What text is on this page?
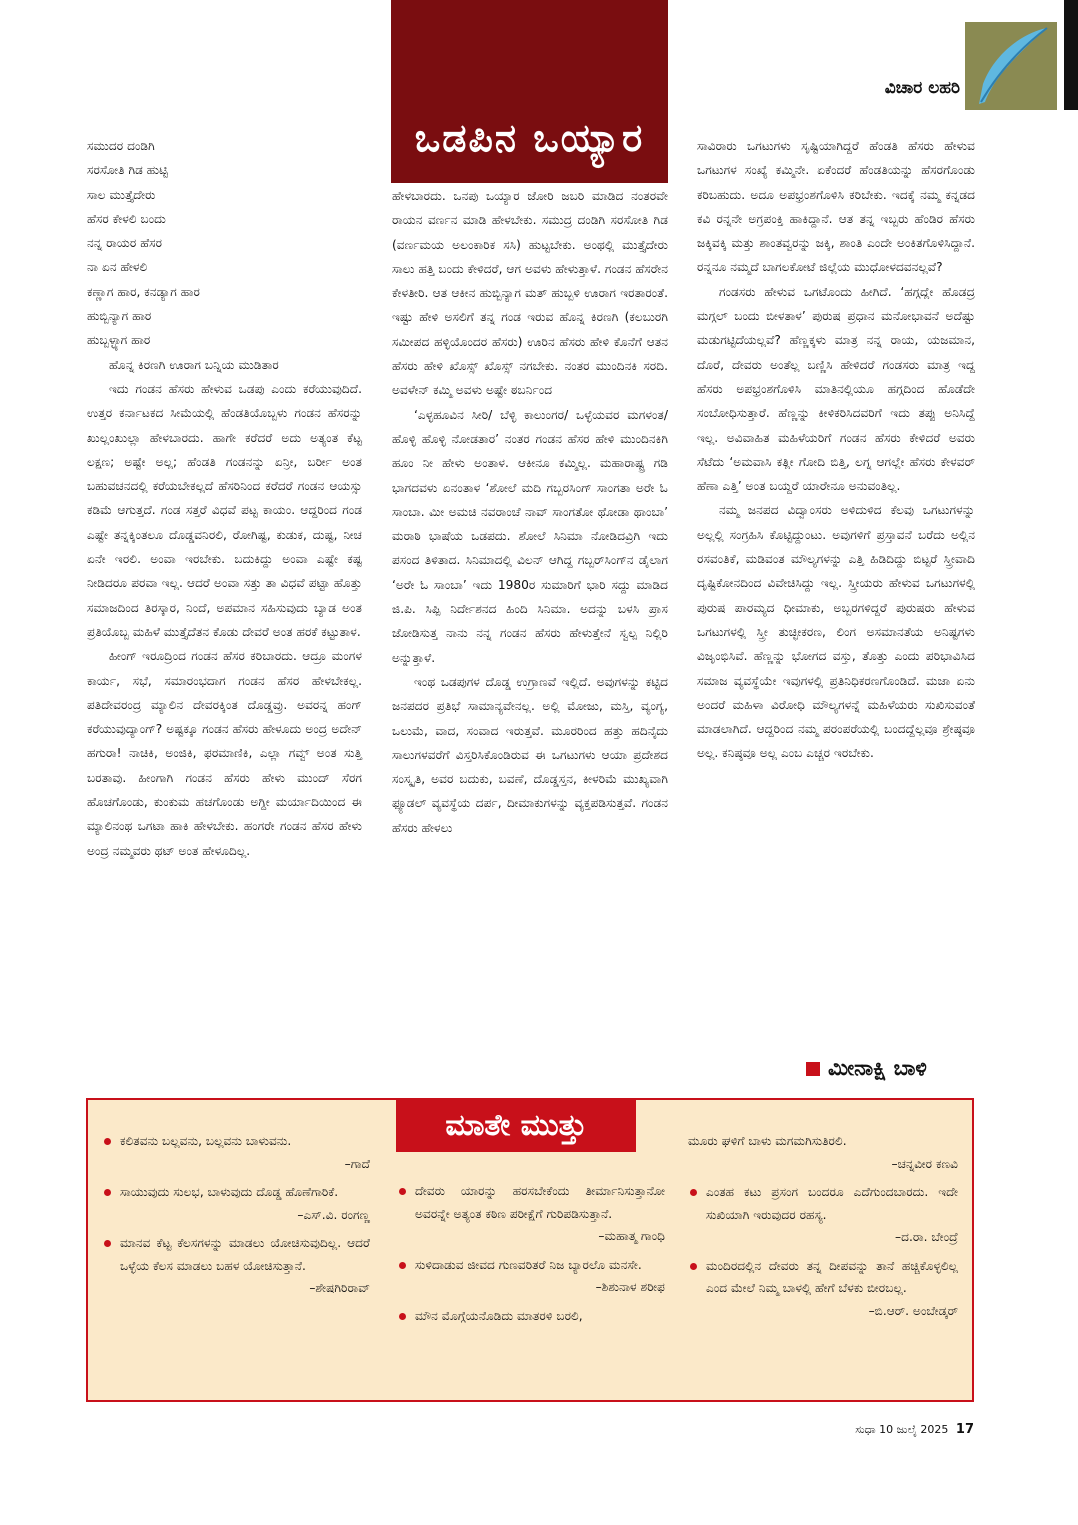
ಒಡಪಿನ ಒಯ್ಯಾರ
ವಿಚಾರ ಲಹರಿ
ಸಮುದರ ದಂಡಿಗಿ
ಸರಸೋತಿ ಗಿಡ ಹುಟ್ಟಿ
ಸಾಲ ಮುತ್ತೈದೇರು
ಹೆಸರ ಕೇಳಲಿ ಬಂದು
ನನ್ನ ರಾಯರ ಹೆಸರ
ನಾ ಏನ ಹೇಳಲಿ
ಕಣ್ಣಾಗ ಹಾರ, ಕನಡ್ಯಾಗ ಹಾರ
ಹುಬ್ಬಿನ್ಯಾಗ ಹಾರ
ಹುಬ್ಬಳ್ಳ್ಯಾಗ ಹಾರ

ಹೊನ್ನ ಕಿರಣಗಿ ಊರಾಗ ಬನ್ನಿಯ ಮುಡಿತಾರ

ಇದು ಗಂಡನ ಹೆಸರು ಹೇಳುವ ಒಡಪು ಎಂದು ಕರೆಯುವುದಿದೆ. ಉತ್ತರ ಕರ್ನಾಟಕದ ಸೀಮೆಯಲ್ಲಿ ಹೆಂಡತಿಯೊಬ್ಬಳು ಗಂಡನ ಹೆಸರನ್ನು ಖುಲ್ಲಂಖುಲ್ಲಾ ಹೇಳಬಾರದು. ಹಾಗೇ ಕರೆದರೆ ಅದು ಅತ್ಯಂತ ಕೆಟ್ಟ ಲಕ್ಷಣ; ಅಷ್ಟೇ ಅಲ್ಲ; ಹೆಂಡತಿ ಗಂಡನನ್ನು ಏನ್ರೀ, ಬರ್ರೀ ಅಂತ ಬಹುವಚನದಲ್ಲಿ ಕರೆಯಬೇಕಲ್ಲದೆ ಹೆಸರಿನಿಂದ ಕರೆದರೆ ಗಂಡನ ಆಯಸ್ಸು ಕಡಿಮೆ ಆಗುತ್ತದೆ. ಗಂಡ ಸತ್ತರೆ ವಿಧವೆ ಪಟ್ಟ ಕಾಯಂ. ಆದ್ದರಿಂದ ಗಂಡ ಎಷ್ಟೇ ತನ್ನಕ್ಕಿಂತಲೂ ದೊಡ್ಡವನಿರಲಿ, ರೋಗಿಷ್ಟ, ಕುಡುಕ, ದುಷ್ಟ, ನೀಚ ಏನೇ ಇರಲಿ. ಅಂವಾ ಇರಬೇಕು. ಬದುಕಿದ್ದು ಅಂವಾ ಎಷ್ಟೇ ಕಷ್ಟ ನೀಡಿದರೂ ಪರವಾ ಇಲ್ಲ. ಆದರೆ ಅಂವಾ ಸತ್ತು ತಾ ವಿಧವೆ ಪಟ್ಟಾ ಹೊತ್ತು ಸಮಾಜದಿಂದ ತಿರಸ್ಕಾರ, ನಿಂದೆ, ಅಪಮಾನ ಸಹಿಸುವುದು ಬ್ಯಾಡ ಅಂತ ಪ್ರತಿಯೊಬ್ಬ ಮಹಿಳೆ ಮುತ್ತೈದೆತನ ಕೊಡು ದೇವರೆ ಅಂತ ಹರಕೆ ಕಟ್ಟುತಾಳ.

ಹೀಂಗ್ ಇರೂದ್ರಿಂದ ಗಂಡನ ಹೆಸರ ಕರಿಬಾರದು. ಆದ್ರೂ ಮಂಗಳ ಕಾರ್ಯ, ಸಭೆ, ಸಮಾರಂಭದಾಗ ಗಂಡನ ಹೆಸರ ಹೇಳಬೇಕಲ್ಲ. ಪತಿದೇವರಂದ್ರ ಮ್ಯಾಲಿನ ದೇವರಕ್ಕಿಂತ ದೊಡ್ಡವ್ರು. ಅವರನ್ನ ಹಂಗ್ ಕರೆಯುವುದ್ಯಾಂಗ್? ಅಷ್ಟಕ್ಕೂ ಗಂಡನ ಹೆಸರು ಹೇಳೂದು ಅಂದ್ರ ಅದೇನ್ ಹಗುರಾ! ನಾಚಿಕಿ, ಅಂಜಿಕಿ, ಫರಮಾಣಿಕಿ, ಎಲ್ಲಾ ಗವ್ವ್ ಅಂತ ಸುತ್ತಿ ಬರತಾವು. ಹೀಂಗಾಗಿ ಗಂಡನ ಹೆಸರು ಹೇಳು ಮುಂದ್ ಸೆರಗ ಹೊಚಗೊಂಡು, ಕುಂಕುಮ ಹಚಗೊಂಡು ಅಗ್ದೀ ಮರ್ಯಾದಿಯಿಂದ ಈ ಮ್ಯಾಲಿನಂಥ ಒಗಟಾ ಹಾಕಿ ಹೇಳಬೇಕು. ಹಂಗರೇ ಗಂಡನ ಹೆಸರ ಹೇಳು ಅಂದ್ರ ನಮ್ಮವರು ಥಟ್ ಅಂತ ಹೇಳೂದಿಲ್ಲ.

ಹೇಳಬಾರದು. ಒನಪು ಒಯ್ಯಾರ ಜೋರಿ ಜಬರಿ ಮಾಡಿದ ನಂತರವೇ ರಾಯನ ವರ್ಣನ ಮಾಡಿ ಹೇಳಬೇಕು. ಸಮುದ್ರ ದಂಡಿಗಿ ಸರಸೋತಿ ಗಿಡ (ವರ್ಣಮಯ ಅಲಂಕಾರಿಕ ಸಸಿ) ಹುಟ್ಟಬೇಕು. ಅಂಥಲ್ಲಿ ಮುತ್ತೈದೇರು ಸಾಲು ಹತ್ತಿ ಬಂದು ಕೇಳಿದರೆ, ಆಗ ಅವಳು ಹೇಳುತ್ತಾಳೆ. ಗಂಡನ ಹೆಸರೇನ ಕೇಳತೀರಿ. ಆತ ಆಕೀನ ಹುಬ್ಬಿನ್ಯಾಗ ಮತ್ ಹುಬ್ಬಳಿ ಊರಾಗ ಇರತಾರಂತೆ. ಇಷ್ಟು ಹೇಳಿ ಅಸಲಿಗೆ ತನ್ನ ಗಂಡ ಇರುವ ಹೊನ್ನ ಕಿರಣಗಿ (ಕಲಬುರಗಿ ಸಮೀಪದ ಹಳ್ಳಿಯೊಂದರ ಹೆಸರು) ಊರಿನ ಹೆಸರು ಹೇಳಿ ಕೊನೆಗೆ ಆತನ ಹೆಸರು ಹೇಳಿ ಖೊಸ್ಸ್ ಖೊಸ್ಸ್ ನಗಬೇಕು. ನಂತರ ಮುಂದಿನಕಿ ಸರದಿ. ಅವಳೇನ್ ಕಮ್ಮಿ ಅವಳು ಅಷ್ಟೇ ಠಬರ್ನಿಂದ

‘ಎಳ್ಳಹೂವಿನ ಸೀರಿ/ ಬೆಳ್ಳಿ ಕಾಲುಂಗರ/ ಒಳ್ಳೆಯವರ ಮಗಳಂತ/ ಹೊಳ್ಳಿ ಹೊಳ್ಳಿ ನೋಡತಾರ’ ನಂತರ ಗಂಡನ ಹೆಸರ ಹೇಳಿ ಮುಂದಿನಕಿಗಿ ಹೂಂ ನೀ ಹೇಳು ಅಂತಾಳ. ಆಕೀನೂ ಕಮ್ಮಿಲ್ಲ. ಮಹಾರಾಷ್ಟ್ರ ಗಡಿ ಭಾಗದವಳು ಏನಂತಾಳ ‘ಶೋಲೆ ಮದಿ ಗಬ್ಬರಸಿಂಗ್ ಸಾಂಗತಾ ಅರೇ ಓ ಸಾಂಬಾ. ಮೀ ಅಮಚಿ ನವರಾಂಚೆ ನಾವ್ ಸಾಂಗತೋ ಥೋಡಾ ಥಾಂಬಾ’ ಮರಾಠಿ ಭಾಷೆಯ ಒಡಪದು. ಶೋಲೆ ಸಿನಿಮಾ ನೋಡಿದವ್ರಿಗಿ ಇದು ಪಸಂದ ತಿಳಿತಾದ. ಸಿನಿಮಾದಲ್ಲಿ ವಿಲನ್ ಆಗಿದ್ದ ಗಬ್ಬರ್‌ಸಿಂಗ್‌ನ ಡೈಲಾಗ ‘ಅರೇ ಓ ಸಾಂಬಾ’ ಇದು 1980ರ ಸುಮಾರಿಗೆ ಭಾರಿ ಸದ್ದು ಮಾಡಿದ ಜಿ.ಪಿ. ಸಿಪ್ಪಿ ನಿರ್ದೇಶನದ ಹಿಂದಿ ಸಿನಿಮಾ. ಅದನ್ನು ಬಳಸಿ ಪ್ರಾಸ ಜೋಡಿಸುತ್ತ ನಾನು ನನ್ನ ಗಂಡನ ಹೆಸರು ಹೇಳುತ್ತೇನೆ ಸ್ವಲ್ಪ ನಿಲ್ಲಿರಿ ಅನ್ನುತ್ತಾಳೆ.

ಇಂಥ ಒಡಪುಗಳ ದೊಡ್ಡ ಉಗ್ರಾಣವೆ ಇಲ್ಲಿದೆ. ಅವುಗಳನ್ನು ಕಟ್ಟಿದ ಜನಪದರ ಪ್ರತಿಭೆ ಸಾಮಾನ್ಯವೇನಲ್ಲ. ಅಲ್ಲಿ ಮೋಜು, ಮಸ್ತಿ, ವ್ಯಂಗ್ಯ, ಒಲುಮೆ, ವಾದ, ಸಂವಾದ ಇರುತ್ತವೆ. ಮೂರರಿಂದ ಹತ್ತು ಹದಿನೈದು ಸಾಲುಗಳವರೆಗೆ ವಿಸ್ತರಿಸಿಕೊಂಡಿರುವ ಈ ಒಗಟುಗಳು ಆಯಾ ಪ್ರದೇಶದ ಸಂಸ್ಕೃತಿ, ಅವರ ಬದುಕು, ಬವಣೆ, ದೊಡ್ಡಸ್ತನ, ಕೀಳರಿಮೆ ಮುಖ್ಯವಾಗಿ ಫ್ಯೂಡಲ್ ವ್ಯವಸ್ಥೆಯ ದರ್ಪ, ದೀಮಾಕುಗಳನ್ನು ವ್ಯಕ್ತಪಡಿಸುತ್ತವೆ. ಗಂಡನ ಹೆಸರು ಹೇಳಲು

ಸಾವಿರಾರು ಒಗಟುಗಳು ಸೃಷ್ಟಿಯಾಗಿದ್ದರೆ ಹೆಂಡತಿ ಹೆಸರು ಹೇಳುವ ಒಗಟುಗಳ ಸಂಖ್ಯೆ ಕಮ್ಮಿನೇ. ಏಕೆಂದರೆ ಹೆಂಡತಿಯನ್ನು ಹೆಸರಗೊಂಡು ಕರಿಬಹುದು. ಅದೂ ಅಪಭ್ರಂಶಗೊಳಿಸಿ ಕರಿಬೇಕು. ಇದಕ್ಕೆ ನಮ್ಮ ಕನ್ನಡದ ಕವಿ ರನ್ನನೇ ಅಗ್ರಪಂಕ್ತಿ ಹಾಕಿದ್ದಾನೆ. ಆತ ತನ್ನ ಇಬ್ಬರು ಹೆಂಡಿರ ಹೆಸರು ಜಕ್ಕಿವಕ್ಕಿ ಮತ್ತು ಶಾಂತವ್ವರನ್ನು ಜಕ್ಕಿ, ಶಾಂತಿ ಎಂದೇ ಅಂಕಿತಗೊಳಿಸಿದ್ದಾನೆ. ರನ್ನನೂ ನಮ್ಮದೆ ಬಾಗಲಕೋಟೆ ಜಿಲ್ಲೆಯ ಮುಧೋಳದವನಲ್ಲವೆ?

ಗಂಡಸರು ಹೇಳುವ ಒಗಟೊಂದು ಹೀಗಿದೆ. ‘ಹಗ್ಗದ್ಲೇ ಹೊಡದ್ರ ಮಗ್ಗಲ್ ಬಂದು ಬೀಳತಾಳ’ ಪುರುಷ ಪ್ರಧಾನ ಮನೋಭಾವನೆ ಅದೆಷ್ಟು ಮಡುಗಟ್ಟಿದೆಯಲ್ಲವೆ? ಹೆಣ್ಣಕ್ಕಳು ಮಾತ್ರ ನನ್ನ ರಾಯ, ಯಜಮಾನ, ದೊರೆ, ದೇವರು ಅಂತೆಲ್ಲ ಬಣ್ಣಿಸಿ ಹೇಳಿದರೆ ಗಂಡಸರು ಮಾತ್ರ ಇದ್ದ ಹೆಸರು ಅಪಭ್ರಂಶಗೊಳಿಸಿ ಮಾತಿನಲ್ಲಿಯೂ ಹಗ್ಗದಿಂದ ಹೊಡೆದೇ ಸಂಬೋಧಿಸುತ್ತಾರೆ. ಹೆಣ್ಣನ್ನು ಕೀಳಿಕರಿಸಿದವರಿಗೆ ಇದು ತಪ್ಪು ಅನಿಸಿದ್ದೆ ಇಲ್ಲ. ಅವಿವಾಹಿತ ಮಹಿಳೆಯರಿಗೆ ಗಂಡನ ಹೆಸರು ಕೇಳಿದರೆ ಅವರು ಸೆಟೆದು ‘ಅಮವಾಸಿ ಕತ್ಲೀ ಗೋದಿ ಬಿತ್ತಿ, ಲಗ್ನ ಆಗಲ್ಲೇ ಹೆಸರು ಕೇಳವರ್ ಹೆಣಾ ಎತ್ತಿ’ ಅಂತ ಬಯ್ದರೆ ಯಾರೇನೂ ಅನುವಂತಿಲ್ಲ.

ನಮ್ಮ ಜನಪದ ವಿದ್ವಾಂಸರು ಅಳಿದುಳಿದ ಕೆಲವು ಒಗಟುಗಳನ್ನು ಅಲ್ಲಲ್ಲಿ ಸಂಗ್ರಹಿಸಿ ಕೊಟ್ಟಿದ್ದುಂಟು. ಅವುಗಳಿಗೆ ಪ್ರಸ್ತಾವನೆ ಬರೆದು ಅಲ್ಲಿನ ರಸವಂತಿಕೆ, ಮಡಿವಂತ ಮೌಲ್ಯಗಳನ್ನು ಎತ್ತಿ ಹಿಡಿದಿದ್ದು ಬಿಟ್ಟರೆ ಸ್ತ್ರೀವಾದಿ ದೃಷ್ಟಿಕೋನದಿಂದ ವಿವೇಚಿಸಿದ್ದು ಇಲ್ಲ. ಸ್ತ್ರೀಯರು ಹೇಳುವ ಒಗಟುಗಳಲ್ಲಿ ಪುರುಷ ಪಾರಮ್ಯದ ಧೀಮಾಕು, ಅಬ್ಬರಗಳಿದ್ದರೆ ಪುರುಷರು ಹೇಳುವ ಒಗಟುಗಳಲ್ಲಿ ಸ್ತ್ರೀ ತುಚ್ಛೀಕರಣ, ಲಿಂಗ ಅಸಮಾನತೆಯ ಅನಿಷ್ಟಗಳು ವಿಜೃಂಭಿಸಿವೆ. ಹೆಣ್ಣನ್ನು ಭೋಗದ ವಸ್ತು, ತೊತ್ತು ಎಂದು ಪರಿಭಾವಿಸಿದ ಸಮಾಜ ವ್ಯವಸ್ಥೆಯೇ ಇವುಗಳಲ್ಲಿ ಪ್ರತಿನಿಧಿಕರಣಗೊಂಡಿದೆ. ಮಜಾ ಏನು ಅಂದರೆ ಮಹಿಳಾ ವಿರೋಧಿ ಮೌಲ್ಯಗಳನ್ನೆ ಮಹಿಳೆಯರು ಸುಖಿಸುವಂತೆ ಮಾಡಲಾಗಿದೆ. ಆದ್ದರಿಂದ ನಮ್ಮ ಪರಂಪರೆಯಲ್ಲಿ ಬಂದದ್ದೆಲ್ಲವೂ ಶ್ರೇಷ್ಠವೂ ಅಲ್ಲ. ಕನಿಷ್ಠವೂ ಅಲ್ಲ ಎಂಬ ಎಚ್ಚರ ಇರಬೇಕು.

ಮೀನಾಕ್ಷಿ ಬಾಳಿ
ಮಾತೇ ಮುತ್ತು
ಕಲಿತವನು ಬಲ್ಲವನು, ಬಲ್ಲವನು ಬಾಳುವನು.
–ಗಾದೆ
ಸಾಯುವುದು ಸುಲಭ, ಬಾಳುವುದು ದೊಡ್ಡ ಹೊಣೆಗಾರಿಕೆ.
–ಎಸ್.ವಿ. ರಂಗಣ್ಣ
ಮಾನವ ಕೆಟ್ಟ ಕೆಲಸಗಳನ್ನು ಮಾಡಲು ಯೋಚಿಸುವುದಿಲ್ಲ. ಆದರೆ ಒಳ್ಳೆಯ ಕೆಲಸ ಮಾಡಲು ಬಹಳ ಯೋಚಿಸುತ್ತಾನೆ.
–ಶೇಷಗಿರಿರಾವ್
ದೇವರು ಯಾರನ್ನು ಹರಸಬೇಕೆಂದು ತೀರ್ಮಾನಿಸುತ್ತಾನೋ ಅವರನ್ನೇ ಅತ್ಯಂತ ಕಠಿಣ ಪರೀಕ್ಷೆಗೆ ಗುರಿಪಡಿಸುತ್ತಾನೆ.
–ಮಹಾತ್ಮ ಗಾಂಧಿ
ಸುಳಿದಾಡುವ ಜೀವದ ಗುಣವರಿತರೆ ನಿಜ ಬ್ಯಾರಲೊ ಮನಸೇ.
–ಶಿಶುನಾಳ ಶರೀಫ
ಮೌನ ಮೊಗ್ಗೆಯನೊಡಿದು ಮಾತರಳಿ ಬರಲಿ,
ಮೂರು ಘಳಿಗೆ ಬಾಳು ಮಗಮಗಿಸುತಿರಲಿ.
–ಚನ್ನವೀರ ಕಣವಿ
ಎಂತಹ ಕಟು ಪ್ರಸಂಗ ಬಂದರೂ ಎದೆಗುಂದಬಾರದು. ಇದೇ ಸುಖಿಯಾಗಿ ಇರುವುದರ ರಹಸ್ಯ.
–ದ.ರಾ. ಬೇಂದ್ರೆ
ಮಂದಿರದಲ್ಲಿನ ದೇವರು ತನ್ನ ದೀಪವನ್ನು ತಾನೆ ಹಚ್ಚಿಕೊಳ್ಳಲಿಲ್ಲ ಎಂದ ಮೇಲೆ ನಿಮ್ಮ ಬಾಳಲ್ಲಿ ಹೇಗೆ ಬೆಳಕು ಬೀರಬಲ್ಲ.
–ಬಿ.ಆರ್. ಅಂಬೇಡ್ಕರ್
ಸುಧಾ 10 ಜುಲೈ 2025 17
